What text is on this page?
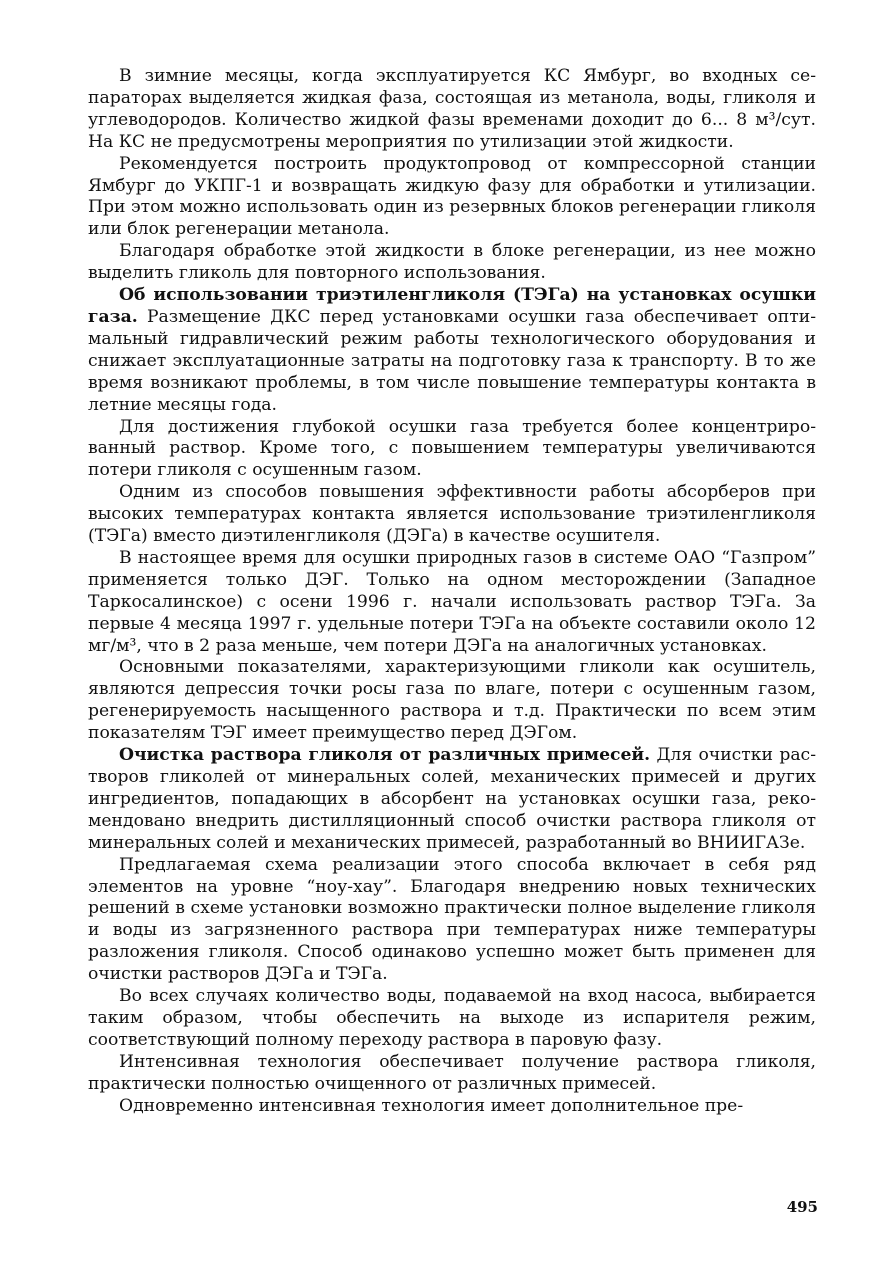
В зимние месяцы, когда эксплуатируется КС Ямбург, во входных сепараторах выделяется жидкая фаза, состоящая из метанола, воды, гликоля и углеводородов. Количество жидкой фазы временами доходит до 6... 8 м³/сут. На КС не предусмотрены мероприятия по утилизации этой жидкости.

Рекомендуется построить продуктопровод от компрессорной станции Ямбург до УКПГ-1 и возвращать жидкую фазу для обработки и утилизации. При этом можно использовать один из резервных блоков регенерации гликоля или блок регенерации метанола.

Благодаря обработке этой жидкости в блоке регенерации, из нее можно выделить гликоль для повторного использования.

Об использовании триэтиленгликоля (ТЭГа) на установках осушки газа. Размещение ДКС перед установками осушки газа обеспечивает оптимальный гидравлический режим работы технологического оборудования и снижает эксплуатационные затраты на подготовку газа к транспорту. В то же время возникают проблемы, в том числе повышение температуры контакта в летние месяцы года.

Для достижения глубокой осушки газа требуется более концентрированный раствор. Кроме того, с повышением температуры увеличиваются потери гликоля с осушенным газом.

Одним из способов повышения эффективности работы абсорберов при высоких температурах контакта является использование триэтиленгликоля (ТЭГа) вместо диэтиленгликоля (ДЭГа) в качестве осушителя.

В настоящее время для осушки природных газов в системе ОАО “Газпром” применяется только ДЭГ. Только на одном месторождении (Западное Таркосалинское) с осени 1996 г. начали использовать раствор ТЭГа. За первые 4 месяца 1997 г. удельные потери ТЭГа на объекте составили около 12 мг/м³, что в 2 раза меньше, чем потери ДЭГа на аналогичных установках.

Основными показателями, характеризующими гликоли как осушитель, являются депрессия точки росы газа по влаге, потери с осушенным газом, регенерируемость насыщенного раствора и т.д. Практически по всем этим показателям ТЭГ имеет преимущество перед ДЭГом.

Очистка раствора гликоля от различных примесей. Для очистки растворов гликолей от минеральных солей, механических примесей и других ингредиентов, попадающих в абсорбент на установках осушки газа, рекомендовано внедрить дистилляционный способ очистки раствора гликоля от минеральных солей и механических примесей, разработанный во ВНИИГАЗе.

Предлагаемая схема реализации этого способа включает в себя ряд элементов на уровне “ноу-хау”. Благодаря внедрению новых технических решений в схеме установки возможно практически полное выделение гликоля и воды из загрязненного раствора при температурах ниже температуры разложения гликоля. Способ одинаково успешно может быть применен для очистки растворов ДЭГа и ТЭГа.

Во всех случаях количество воды, подаваемой на вход насоса, выбирается таким образом, чтобы обеспечить на выходе из испарителя режим, соответствующий полному переходу раствора в паровую фазу.

Интенсивная технология обеспечивает получение раствора гликоля, практически полностью очищенного от различных примесей.

Одновременно интенсивная технология имеет дополнительное пре-

495
